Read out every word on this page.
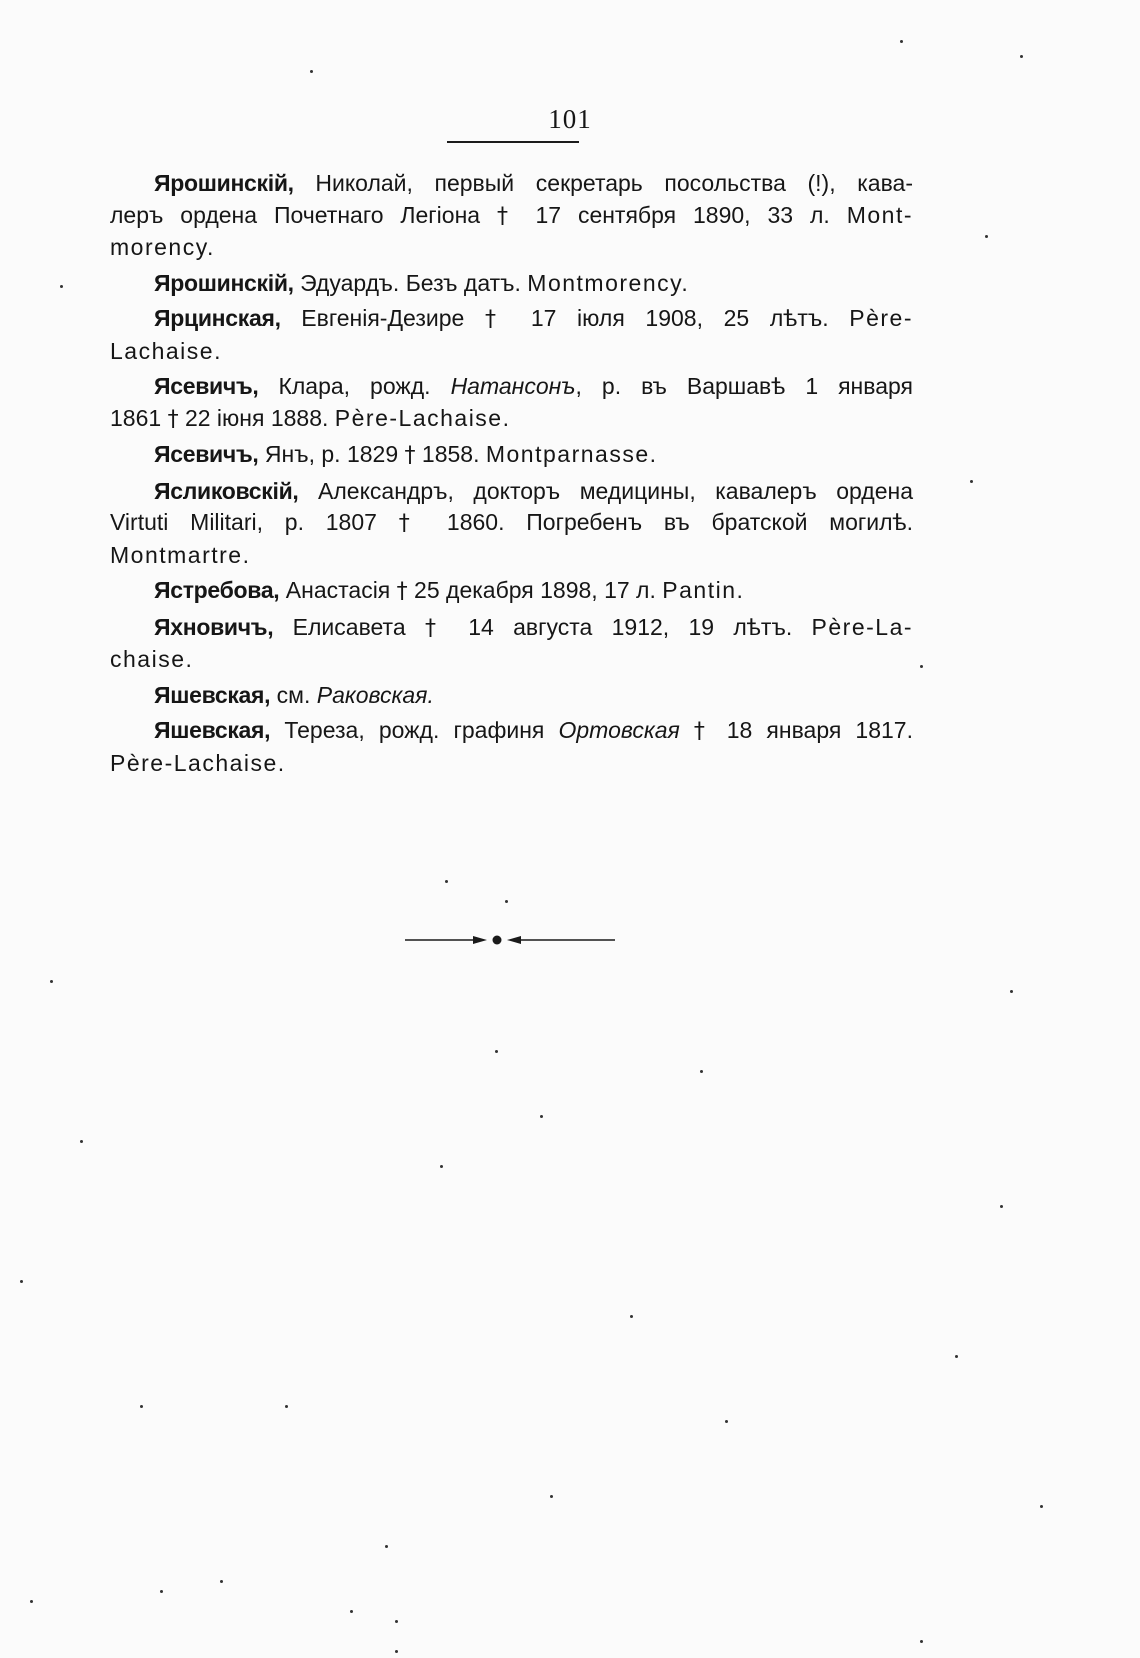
101
Ярошинскій, Николай, первый секретарь посольства (!), кава-
леръ ордена Почетнаго Легіона † 17 сентября 1890, 33 л. Mont-
morency.
Ярошинскій, Эдуардъ. Безъ датъ. Montmorency.
Ярцинская, Евгенія-Дезире † 17 іюля 1908, 25 лѣтъ. Père-
Lachaise.
Ясевичъ, Клара, рожд. Натансонъ, р. въ Варшавѣ 1 января
1861 † 22 іюня 1888. Père-Lachaise.
Ясевичъ, Янъ, р. 1829 † 1858. Montparnasse.
Ясликовскій, Александръ, докторъ медицины, кавалеръ ордена
Virtuti Militari, р. 1807 † 1860. Погребенъ въ братской могилѣ.
Montmartre.
Ястребова, Анастасія † 25 декабря 1898, 17 л. Pantin.
Яхновичъ, Елисавета † 14 августа 1912, 19 лѣтъ. Père-La-
chaise.
Яшевская, см. Раковская.
Яшевская, Тереза, рожд. графиня Ортовская † 18 января 1817.
Père-Lachaise.
